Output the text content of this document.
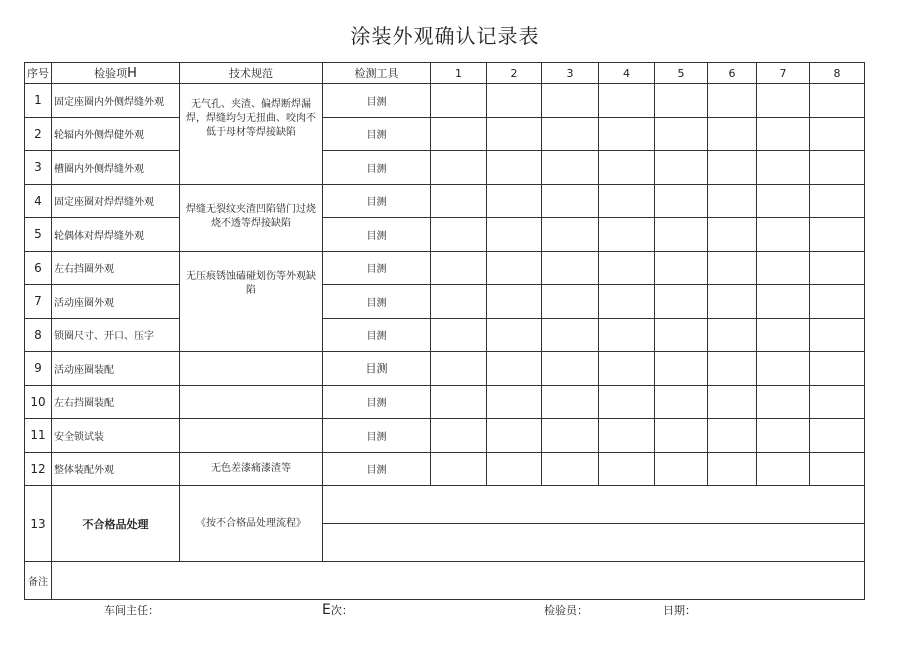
涂装外观确认记录表
序号	检验项H	技术规范	检测工具	1	2	3	4	5	6	7	8
1	固定座圈内外侧焊缝外观	无气孔、夹渣、偏焊断焊漏焊，焊缝均匀无扭曲、咬肉不低于母材等焊接缺陷	目测								
2	轮辐内外侧焊健外观		目测								
3	槽圈内外侧焊缝外观		目测								
4	固定座圈对焊焊缝外观	焊缝无裂纹夹渣凹陷错门过烧烧不透等焊接缺陷	目测								
5	轮偶体对焊焊缝外观		目测								
6	左右挡圈外观	无压痕锈蚀磕碰划伤等外观缺陷	目测								
7	活动座圈外观		目测								
8	锁圈尺寸、开口、压字		目测								
9	活动座圈装配		目测								
10	左右挡圈装配		目测								
11	安全锁试装		目测								
12	整体装配外观	无色差漆痛漆渣等	目测								
13	不合格品处理	《按不合格品处理流程》									

备注											
车间主任：	E次：	检验员：	日期：
